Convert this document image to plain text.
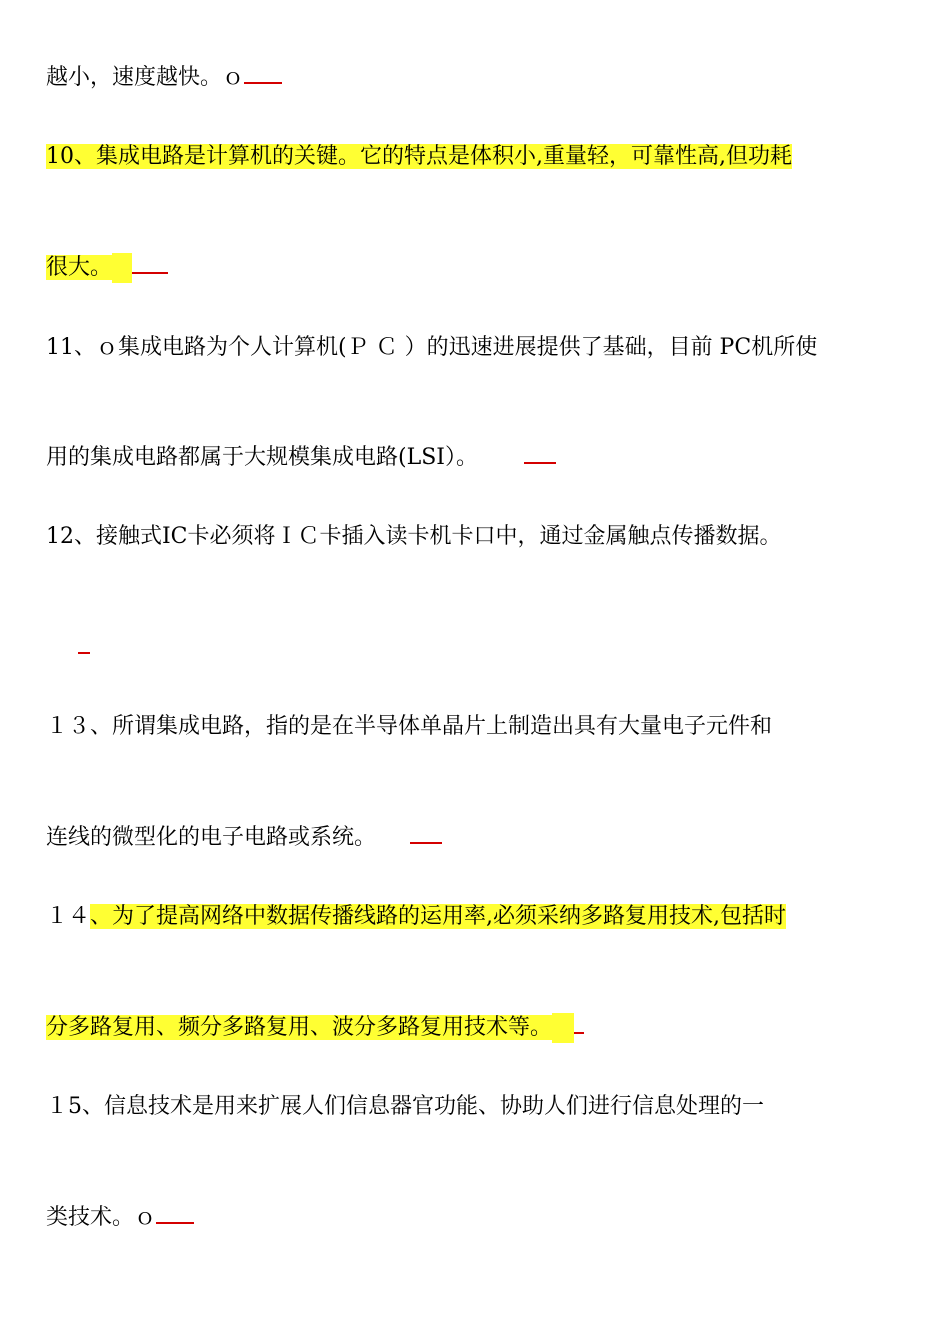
越小，速度越快。ｏ
10、集成电路是计算机的关键。它的特点是体积小,重量轻，可靠性高,但功耗
很大。
11、ｏ集成电路为个人计算机(Ｐ Ｃ ）的迅速进展提供了基础，目前 PC机所使
用的集成电路都属于大规模集成电路(LSI）。
12、接触式IC卡必须将ＩＣ卡插入读卡机卡口中，通过金属触点传播数据。
１３、所谓集成电路，指的是在半导体单晶片上制造出具有大量电子元件和
连线的微型化的电子电路或系统。
１４、为了提高网络中数据传播线路的运用率,必须采纳多路复用技术,包括时
分多路复用、频分多路复用、波分多路复用技术等。
１5、信息技术是用来扩展人们信息器官功能、协助人们进行信息处理的一
类技术。ｏ
